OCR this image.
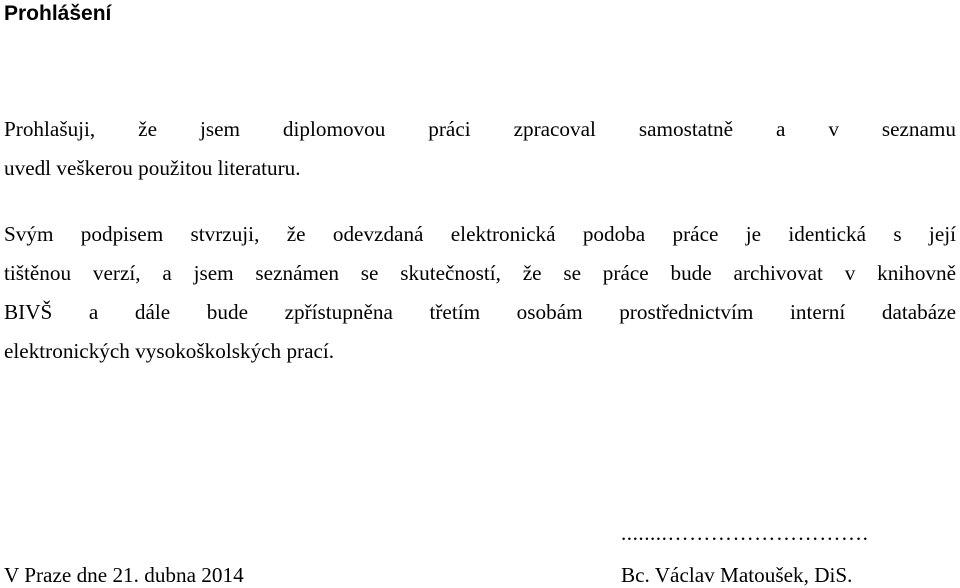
Prohlášení
Prohlašuji, že jsem diplomovou práci zpracoval samostatně a v seznamu
uvedl veškerou použitou literaturu.
Svým podpisem stvrzuji, že odevzdaná elektronická podoba práce je identická s její
tištěnou verzí, a jsem seznámen se skutečností, že se práce bude archivovat v knihovně
BIVŠ a dále bude zpřístupněna třetím osobám prostřednictvím interní databáze
elektronických vysokoškolských prací.

V Praze dne 21. dubna 2014

........……………………….
Bc. Václav Matoušek, DiS.
